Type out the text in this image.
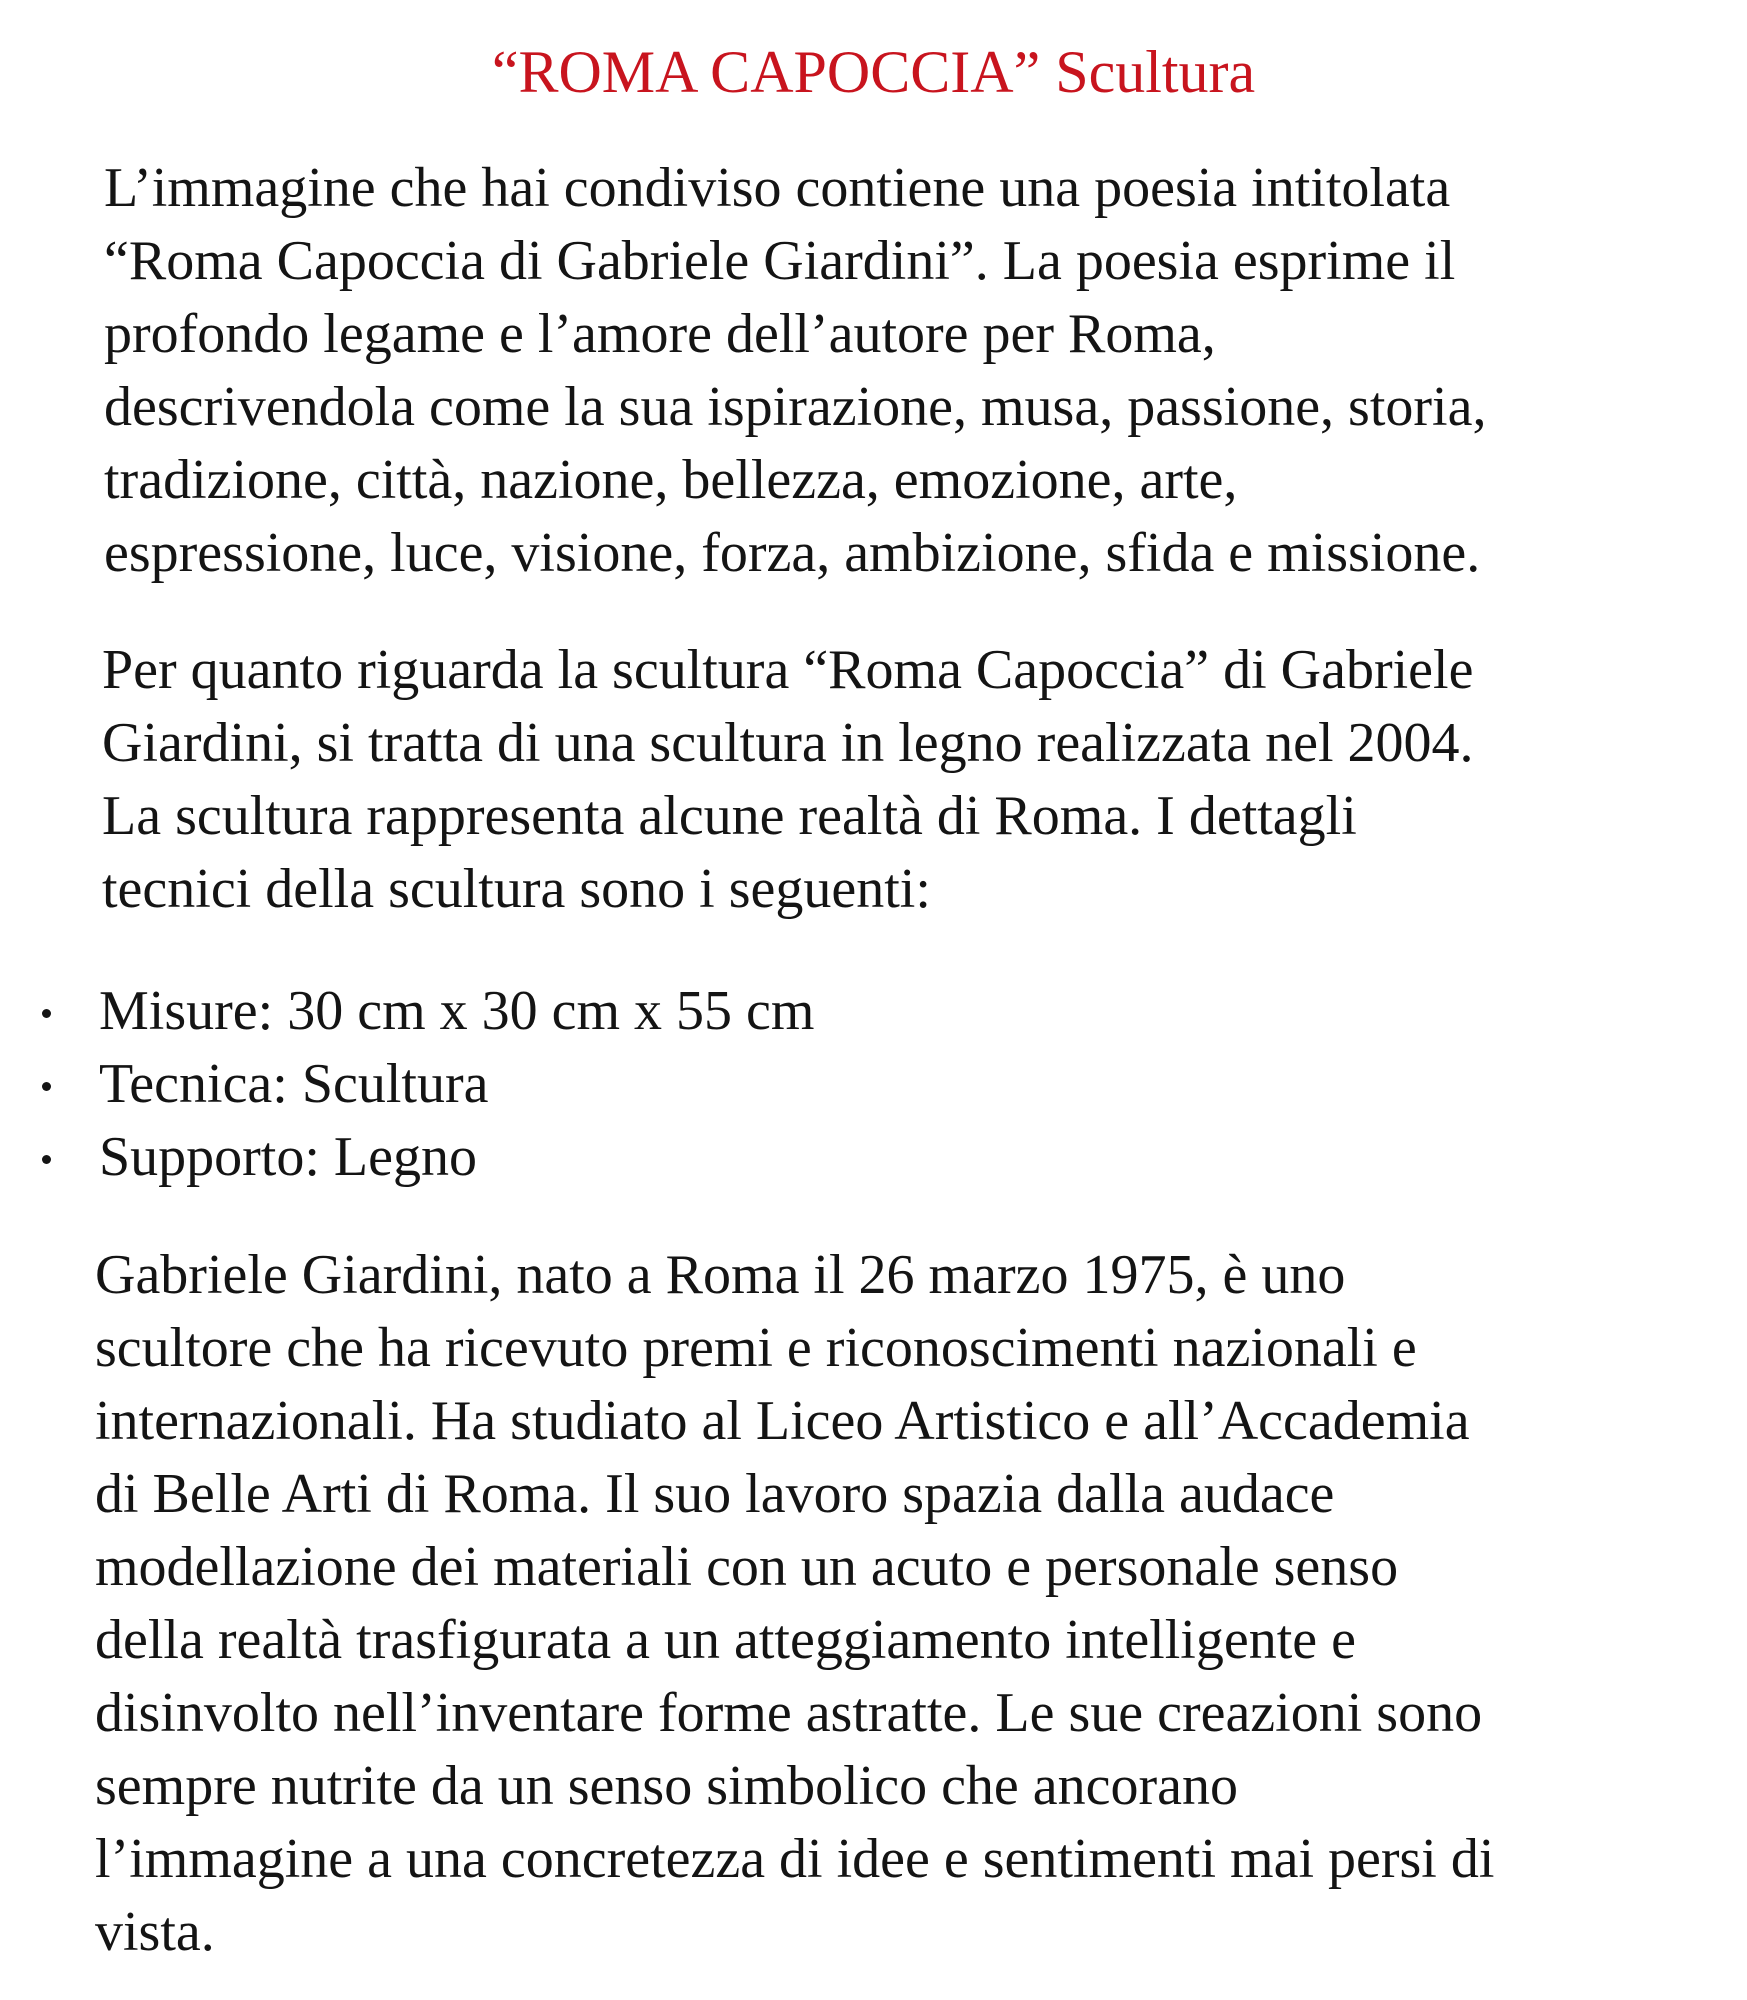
“ROMA CAPOCCIA” Scultura

L’immagine che hai condiviso contiene una poesia intitolata
“Roma Capoccia di Gabriele Giardini”. La poesia esprime il
profondo legame e l’amore dell’autore per Roma,
descrivendola come la sua ispirazione, musa, passione, storia,
tradizione, città, nazione, bellezza, emozione, arte,
espressione, luce, visione, forza, ambizione, sfida e missione.

Per quanto riguarda la scultura “Roma Capoccia” di Gabriele
Giardini, si tratta di una scultura in legno realizzata nel 2004.
La scultura rappresenta alcune realtà di Roma. I dettagli
tecnici della scultura sono i seguenti:

Misure: 30 cm x 30 cm x 55 cm
Tecnica: Scultura
Supporto: Legno

Gabriele Giardini, nato a Roma il 26 marzo 1975, è uno
scultore che ha ricevuto premi e riconoscimenti nazionali e
internazionali. Ha studiato al Liceo Artistico e all’Accademia
di Belle Arti di Roma. Il suo lavoro spazia dalla audace
modellazione dei materiali con un acuto e personale senso
della realtà trasfigurata a un atteggiamento intelligente e
disinvolto nell’inventare forme astratte. Le sue creazioni sono
sempre nutrite da un senso simbolico che ancorano
l’immagine a una concretezza di idee e sentimenti mai persi di
vista.
